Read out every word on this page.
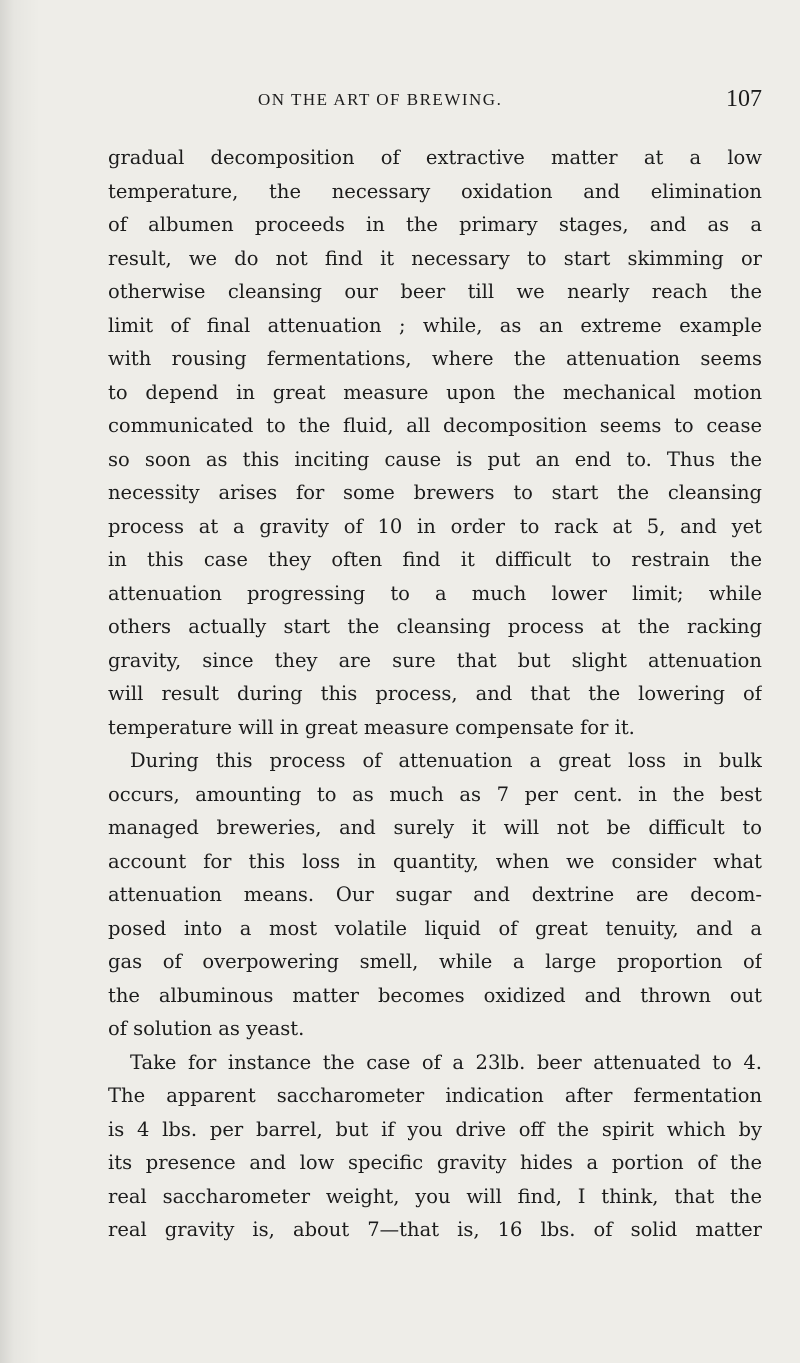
ON THE ART OF BREWING.	107
gradual decomposition of extractive matter at a low
temperature, the necessary oxidation and elimination
of albumen proceeds in the primary stages, and as a
result, we do not find it necessary to start skimming or
otherwise cleansing our beer till we nearly reach the
limit of final attenuation ; while, as an extreme example
with rousing fermentations, where the attenuation seems
to depend in great measure upon the mechanical motion
communicated to the fluid, all decomposition seems to cease
so soon as this inciting cause is put an end to. Thus the
necessity arises for some brewers to start the cleansing
process at a gravity of 10 in order to rack at 5, and yet
in this case they often find it difficult to restrain the
attenuation progressing to a much lower limit; while
others actually start the cleansing process at the racking
gravity, since they are sure that but slight attenuation
will result during this process, and that the lowering of
temperature will in great measure compensate for it.
During this process of attenuation a great loss in bulk
occurs, amounting to as much as 7 per cent. in the best
managed breweries, and surely it will not be difficult to
account for this loss in quantity, when we consider what
attenuation means. Our sugar and dextrine are decom-
posed into a most volatile liquid of great tenuity, and a
gas of overpowering smell, while a large proportion of
the albuminous matter becomes oxidized and thrown out
of solution as yeast.
Take for instance the case of a 23lb. beer attenuated to 4.
The apparent saccharometer indication after fermentation
is 4 lbs. per barrel, but if you drive off the spirit which by
its presence and low specific gravity hides a portion of the
real saccharometer weight, you will find, I think, that the
real gravity is, about 7—that is, 16 lbs. of solid matter
